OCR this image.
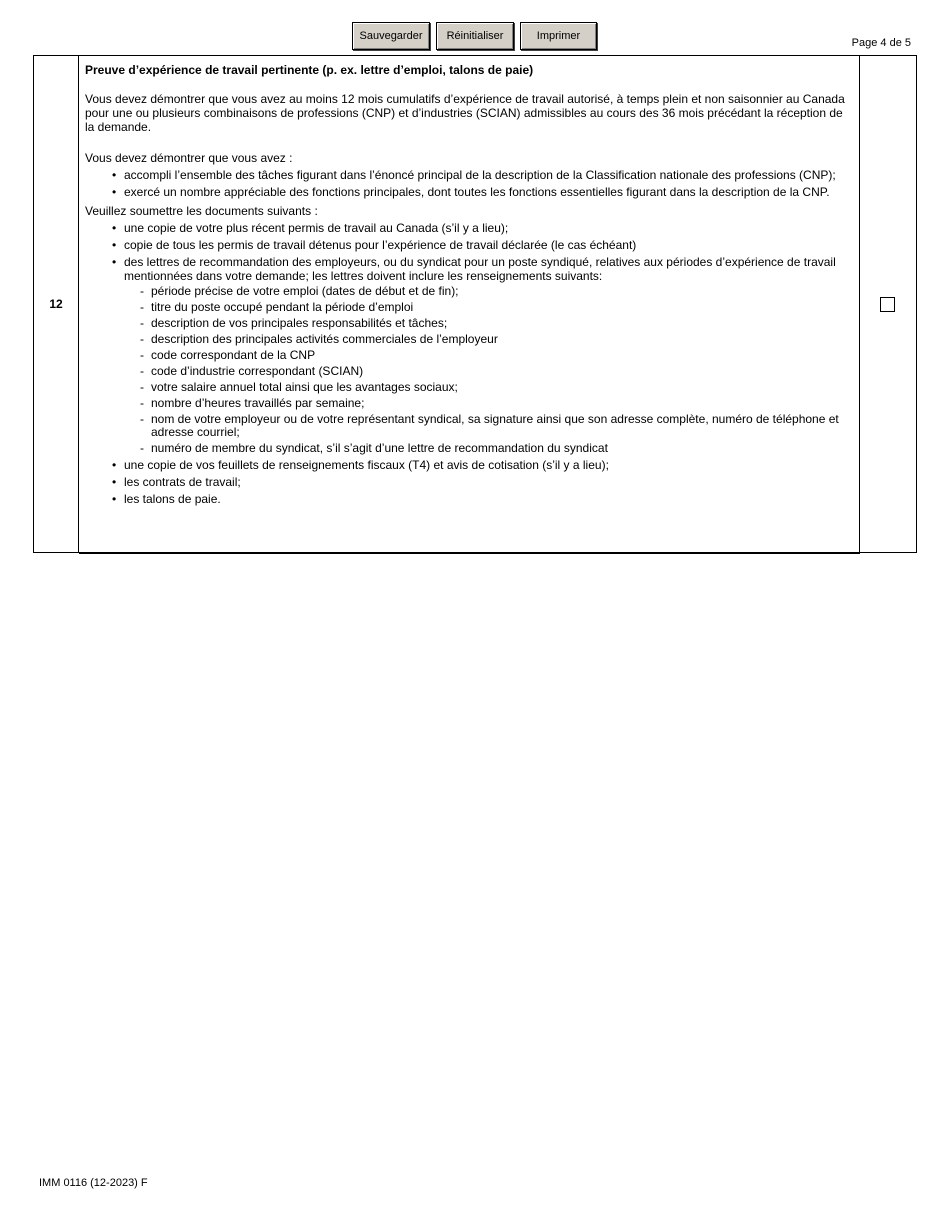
Sauvegarder	Réinitialiser	Imprimer
Page 4 de 5
12
Preuve d’expérience de travail pertinente (p. ex. lettre d’emploi, talons de paie)

Vous devez démontrer que vous avez au moins 12 mois cumulatifs d’expérience de travail autorisé, à temps plein et non saisonnier au Canada pour une ou plusieurs combinaisons de professions (CNP) et d’industries (SCIAN) admissibles au cours des 36 mois précédant la réception de la demande.

Vous devez démontrer que vous avez :

• accompli l’ensemble des tâches figurant dans l’énoncé principal de la description de la Classification nationale des professions (CNP);
• exercé un nombre appréciable des fonctions principales, dont toutes les fonctions essentielles figurant dans la description de la CNP.

Veuillez soumettre les documents suivants :

• une copie de votre plus récent permis de travail au Canada (s’il y a lieu);
• copie de tous les permis de travail détenus pour l’expérience de travail déclarée (le cas échéant)
• des lettres de recommandation des employeurs, ou du syndicat pour un poste syndiqué, relatives aux périodes d’expérience de travail mentionnées dans votre demande; les lettres doivent inclure les renseignements suivants:
- période précise de votre emploi (dates de début et de fin);
- titre du poste occupé pendant la période d’emploi
- description de vos principales responsabilités et tâches;
- description des principales activités commerciales de l’employeur
- code correspondant de la CNP
- code d’industrie correspondant (SCIAN)
- votre salaire annuel total ainsi que les avantages sociaux;
- nombre d’heures travaillés par semaine;
- nom de votre employeur ou de votre représentant syndical, sa signature ainsi que son adresse complète, numéro de téléphone et adresse courriel;
- numéro de membre du syndicat, s’il s’agit d’une lettre de recommandation du syndicat
• une copie de vos feuillets de renseignements fiscaux (T4) et avis de cotisation (s’il y a lieu);
• les contrats de travail;
• les talons de paie.
IMM 0116 (12-2023) F
